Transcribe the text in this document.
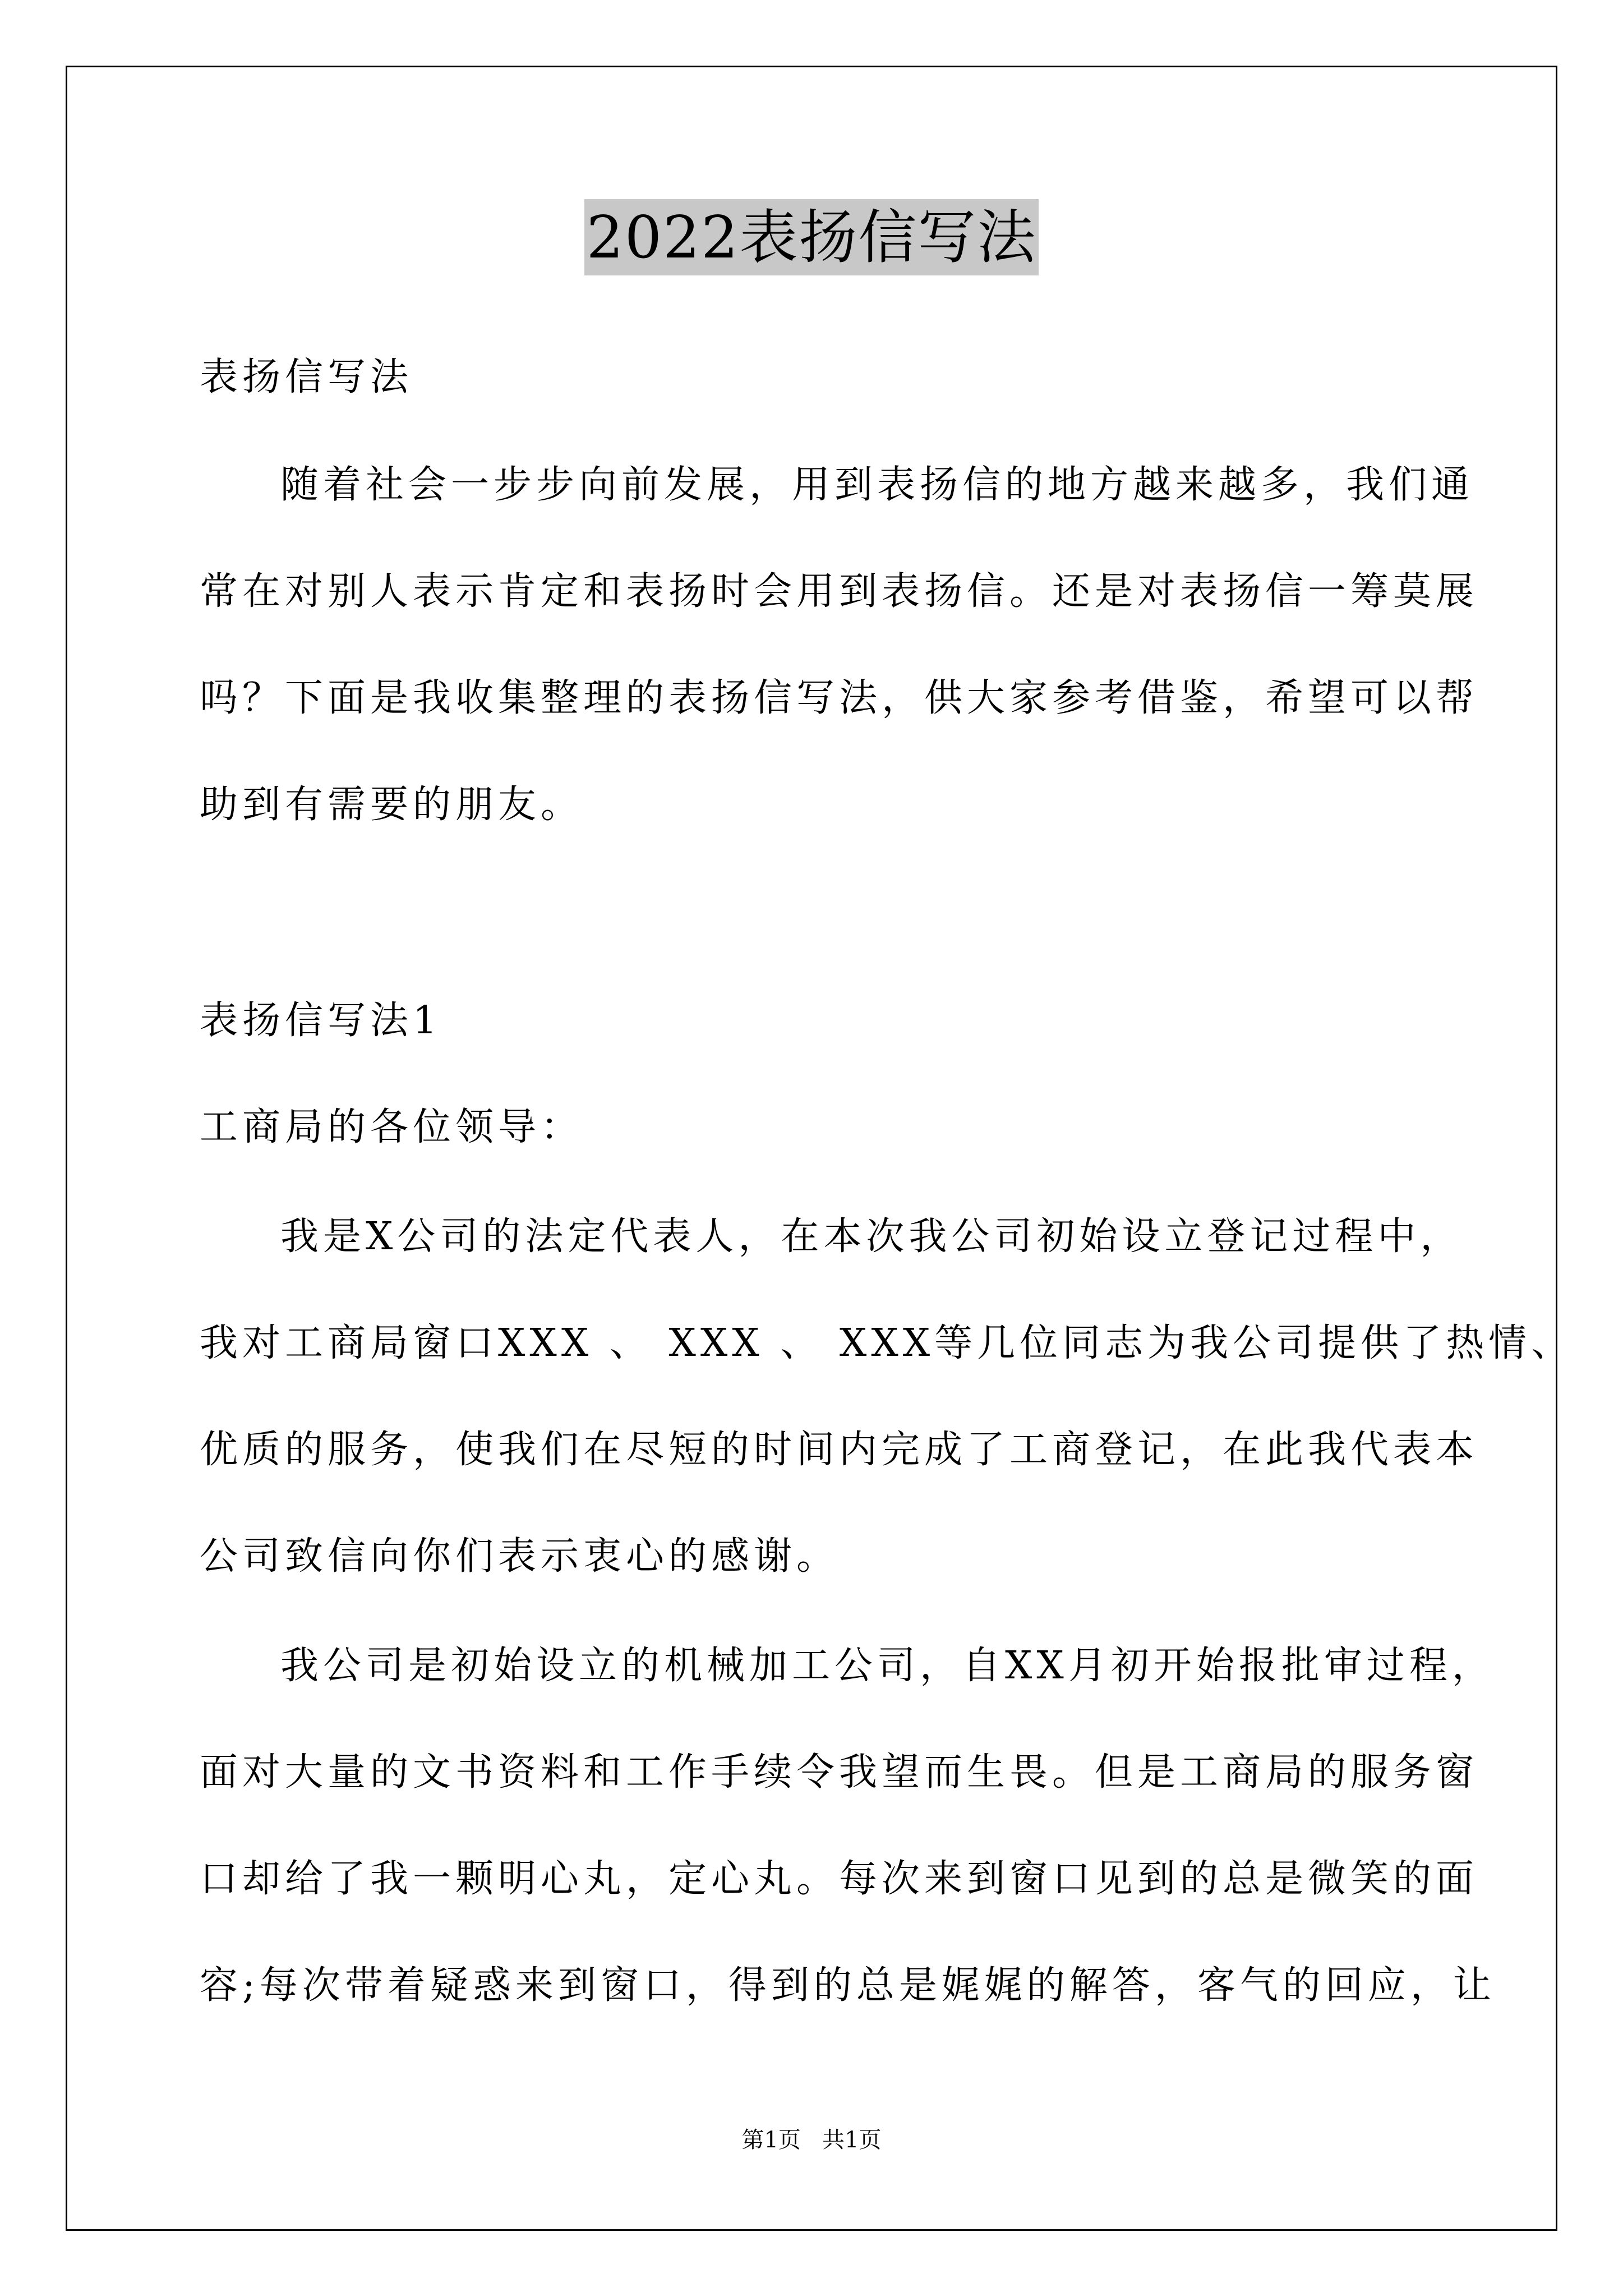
2022表扬信写法
表扬信写法
随着社会一步步向前发展，用到表扬信的地方越来越多，我们通
常在对别人表示肯定和表扬时会用到表扬信。还是对表扬信一筹莫展
吗？下面是我收集整理的表扬信写法，供大家参考借鉴，希望可以帮
助到有需要的朋友。
表扬信写法1
工商局的各位领导：
我是X公司的法定代表人，在本次我公司初始设立登记过程中，
我对工商局窗口XXX 、 XXX 、 XXX等几位同志为我公司提供了热情、
优质的服务，使我们在尽短的时间内完成了工商登记，在此我代表本
公司致信向你们表示衷心的感谢。
我公司是初始设立的机械加工公司，自XX月初开始报批审过程，
面对大量的文书资料和工作手续令我望而生畏。但是工商局的服务窗
口却给了我一颗明心丸，定心丸。每次来到窗口见到的总是微笑的面
容;每次带着疑惑来到窗口，得到的总是娓娓的解答，客气的回应，让
第1页   共1页
